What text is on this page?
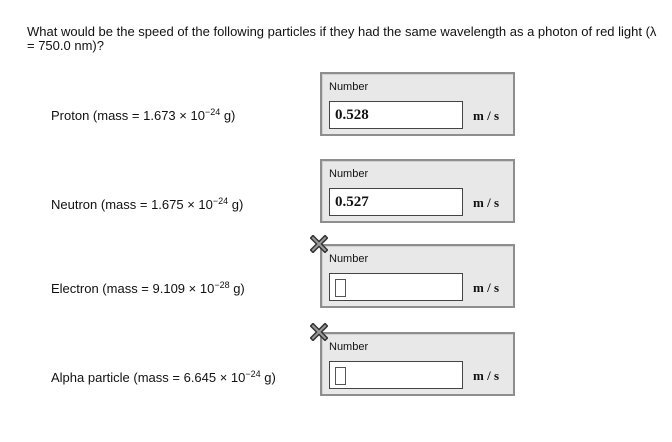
What would be the speed of the following particles if they had the same wavelength as a photon of red light (λ = 750.0 nm)?
Proton (mass = $1.673 \times 10^{-24}$ g)
Number
0.528	m / s
Neutron (mass = $1.675 \times 10^{-24}$ g)
Number
0.527	m / s
Electron (mass = $9.109 \times 10^{-28}$ g)
Number
m / s
Alpha particle (mass = $6.645 \times 10^{-24}$ g)
Number
m / s
